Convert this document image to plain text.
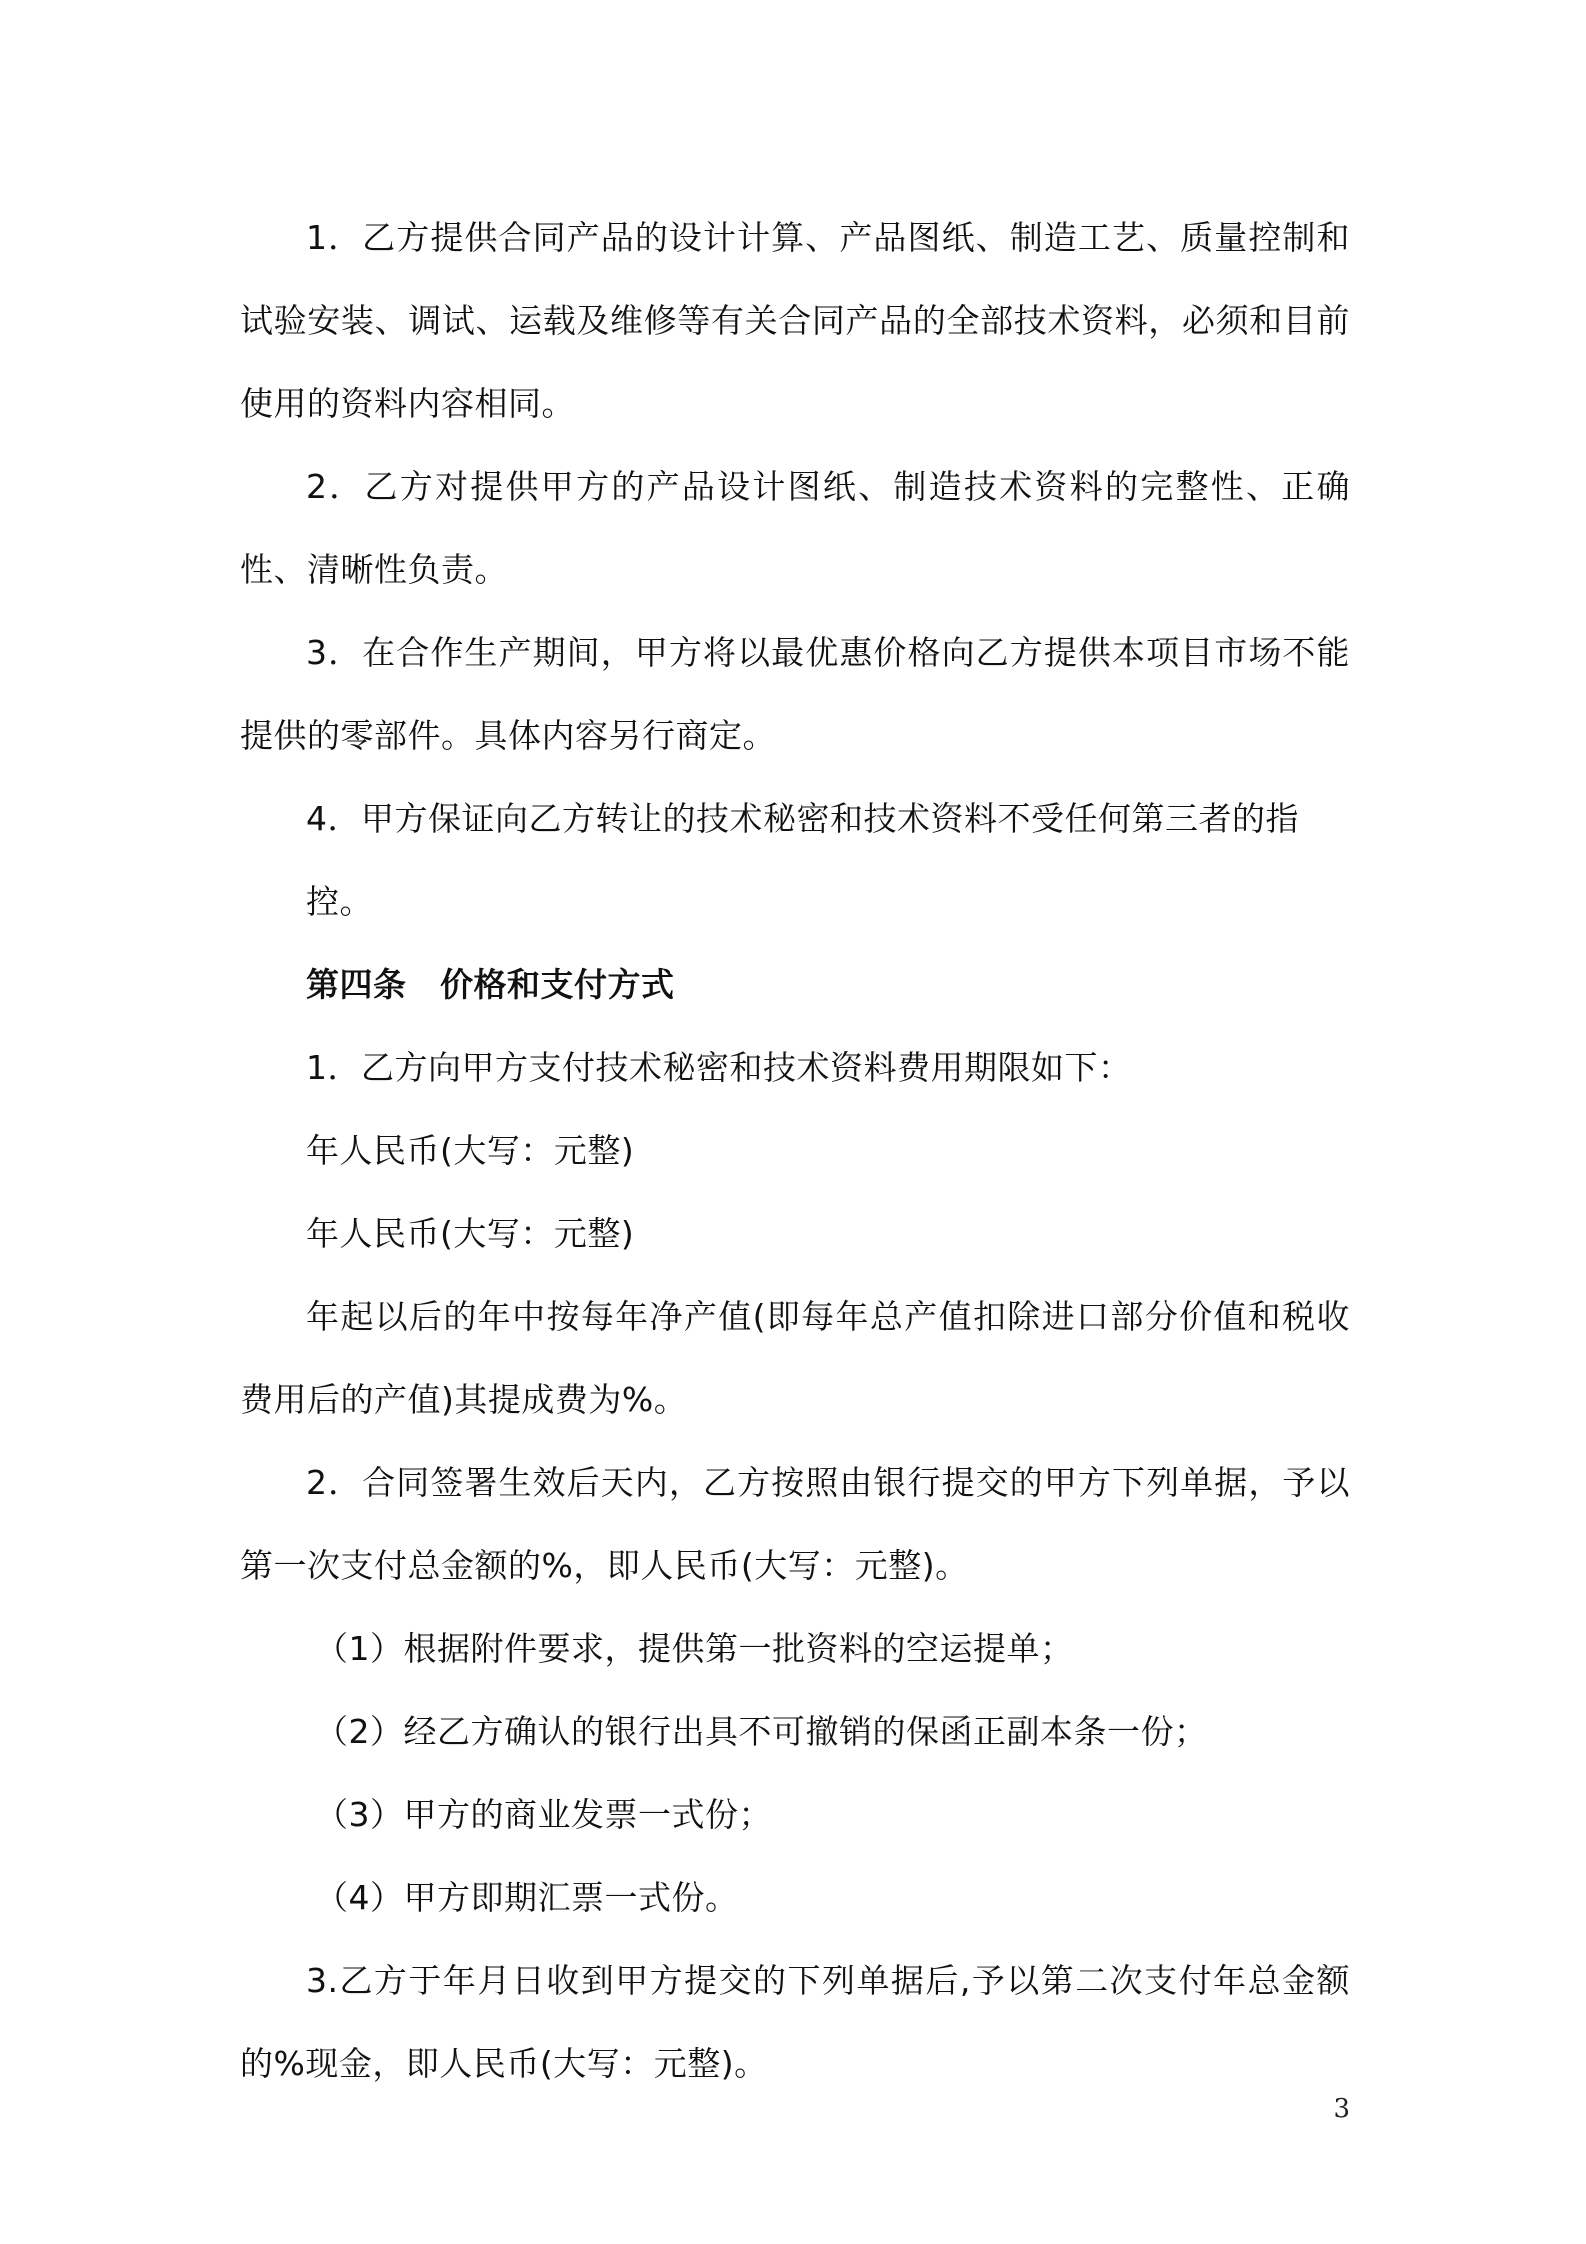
1．乙方提供合同产品的设计计算、产品图纸、制造工艺、质量控制和试验安装、调试、运载及维修等有关合同产品的全部技术资料，必须和目前使用的资料内容相同。

2．乙方对提供甲方的产品设计图纸、制造技术资料的完整性、正确性、清晰性负责。

3．在合作生产期间，甲方将以最优惠价格向乙方提供本项目市场不能提供的零部件。具体内容另行商定。

4．甲方保证向乙方转让的技术秘密和技术资料不受任何第三者的指控。

第四条　价格和支付方式

1．乙方向甲方支付技术秘密和技术资料费用期限如下：

年人民币(大写：元整)

年人民币(大写：元整)

年起以后的年中按每年净产值(即每年总产值扣除进口部分价值和税收费用后的产值)其提成费为%。

2．合同签署生效后天内，乙方按照由银行提交的甲方下列单据，予以第一次支付总金额的%，即人民币(大写：元整)。

（1）根据附件要求，提供第一批资料的空运提单；

（2）经乙方确认的银行出具不可撤销的保函正副本条一份；

（3）甲方的商业发票一式份；

（4）甲方即期汇票一式份。

3.乙方于年月日收到甲方提交的下列单据后,予以第二次支付年总金额的%现金，即人民币(大写：元整)。

3
